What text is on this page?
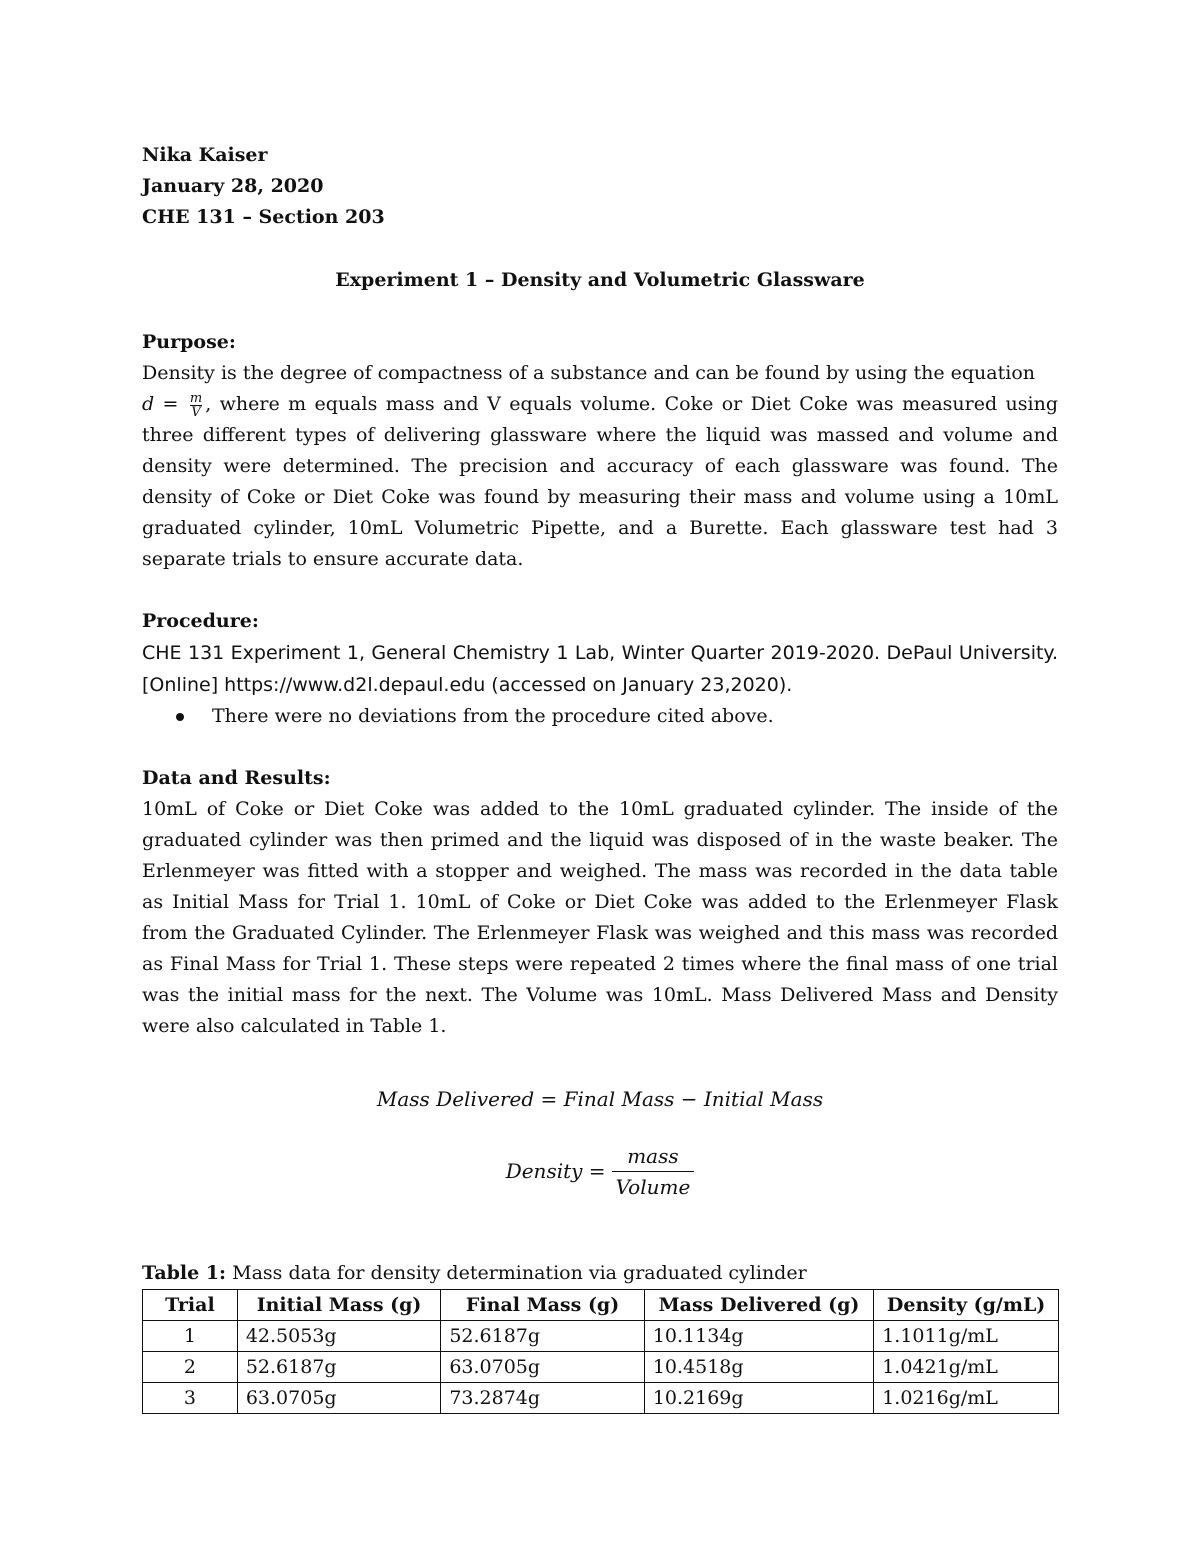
Nika Kaiser

January 28, 2020

CHE 131 – Section 203

Experiment 1 – Density and Volumetric Glassware

Purpose:

Density is the degree of compactness of a substance and can be found by using the equation
$d = \frac{m}{V}$ , where m equals mass and V equals volume. Coke or Diet Coke was measured using three different types of delivering glassware where the liquid was massed and volume and density were determined. The precision and accuracy of each glassware was found. The density of Coke or Diet Coke was found by measuring their mass and volume using a 10mL graduated cylinder, 10mL Volumetric Pipette, and a Burette. Each glassware test had 3 separate trials to ensure accurate data.

Procedure:

CHE 131 Experiment 1, General Chemistry 1 Lab, Winter Quarter 2019-2020. DePaul University. [Online] https://www.d2l.depaul.edu (accessed on January 23,2020).

There were no deviations from the procedure cited above.

Data and Results:

10mL of Coke or Diet Coke was added to the 10mL graduated cylinder. The inside of the graduated cylinder was then primed and the liquid was disposed of in the waste beaker. The Erlenmeyer was fitted with a stopper and weighed. The mass was recorded in the data table as Initial Mass for Trial 1. 10mL of Coke or Diet Coke was added to the Erlenmeyer Flask from the Graduated Cylinder. The Erlenmeyer Flask was weighed and this mass was recorded as Final Mass for Trial 1. These steps were repeated 2 times where the final mass of one trial was the initial mass for the next. The Volume was 10mL. Mass Delivered Mass and Density were also calculated in Table 1.

Mass Delivered = Final Mass − Initial Mass

Density = $\frac{\text{mass}}{\text{Volume}}$

Table 1: Mass data for density determination via graduated cylinder

Trial	Initial Mass (g)	Final Mass (g)	Mass Delivered (g)	Density (g/mL)
1	42.5053g	52.6187g	10.1134g	1.1011g/mL
2	52.6187g	63.0705g	10.4518g	1.0421g/mL
3	63.0705g	73.2874g	10.2169g	1.0216g/mL
